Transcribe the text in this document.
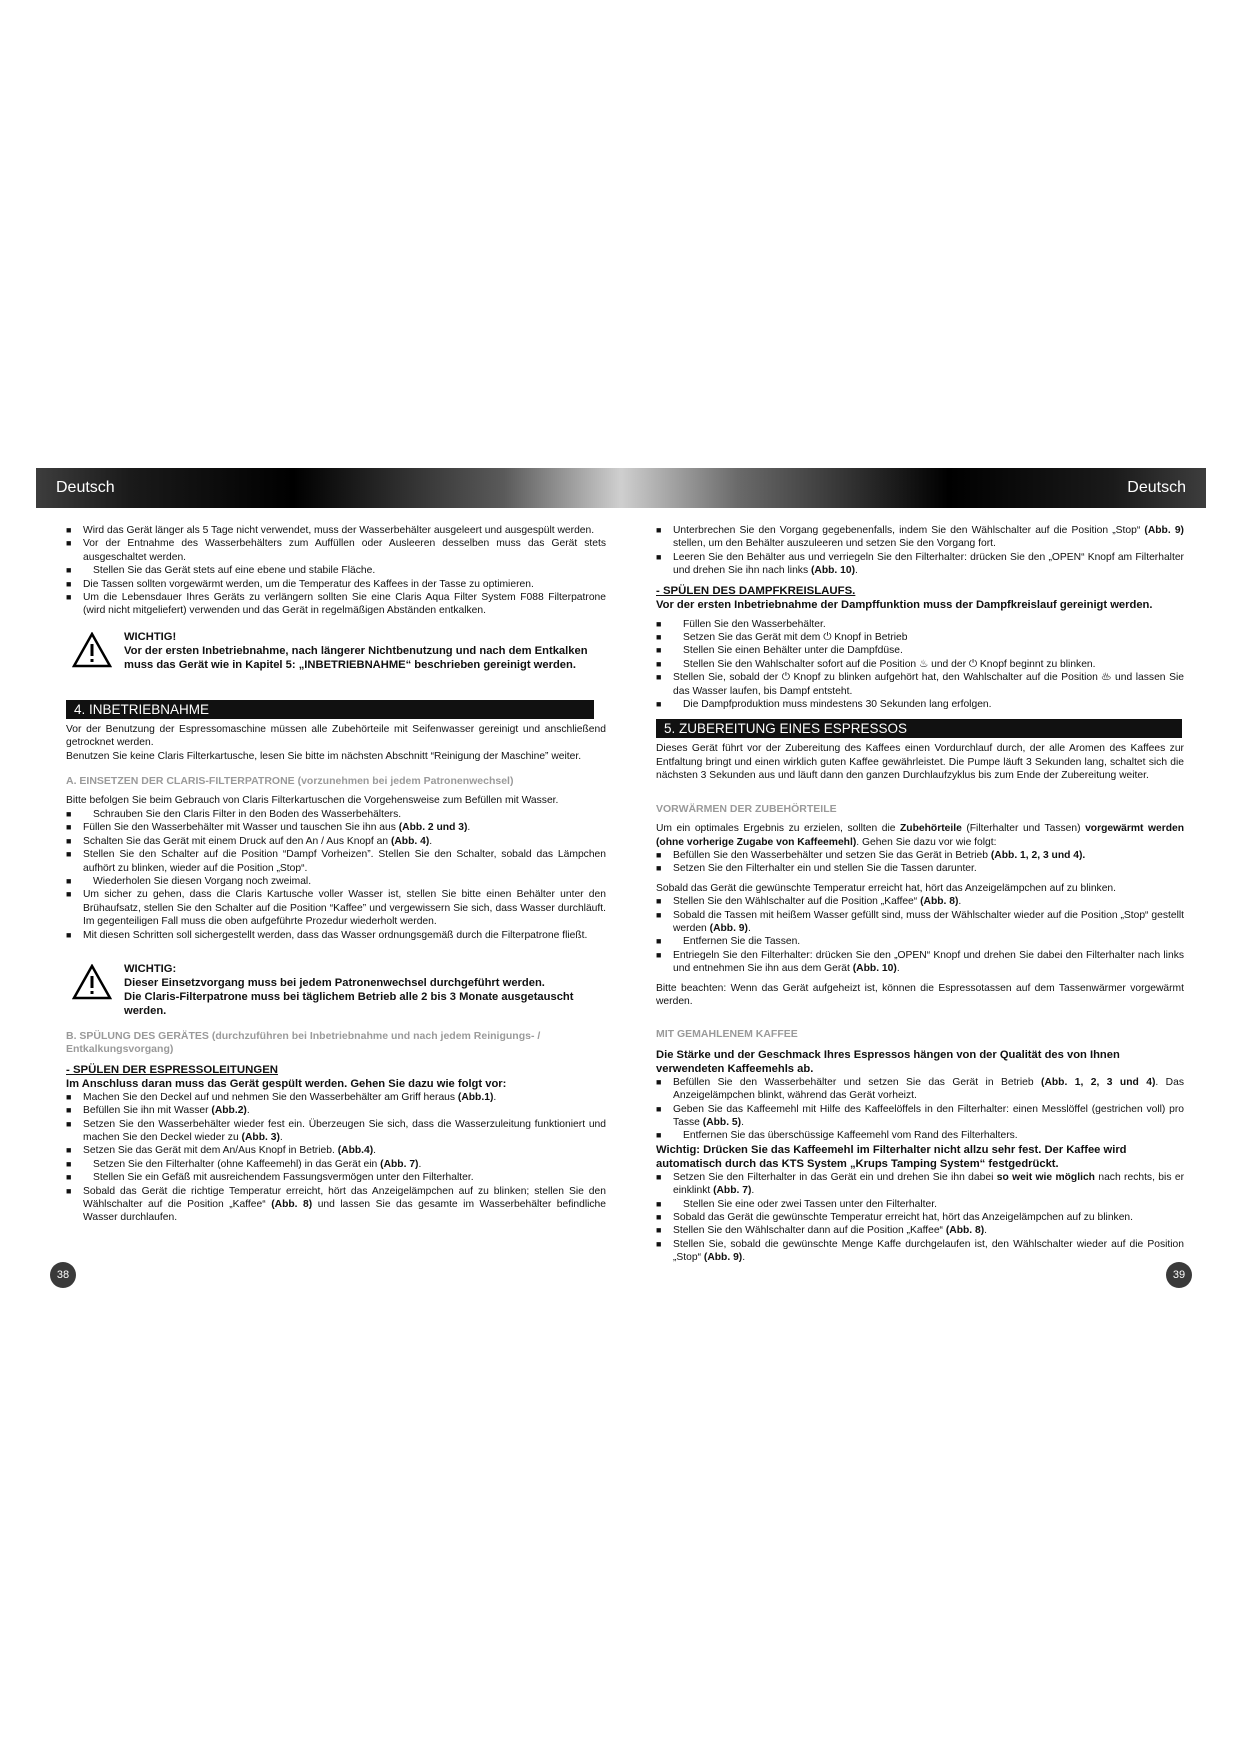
Deutsch	Deutsch
■ Wird das Gerät länger als 5 Tage nicht verwendet, muss der Wasserbehälter ausgeleert und ausgespült werden.
■ Vor der Entnahme des Wasserbehälters zum Auffüllen oder Ausleeren desselben muss das Gerät stets ausgeschaltet werden.
■ Stellen Sie das Gerät stets auf eine ebene und stabile Fläche.
■ Die Tassen sollten vorgewärmt werden, um die Temperatur des Kaffees in der Tasse zu optimieren.
■ Um die Lebensdauer Ihres Geräts zu verlängern sollten Sie eine Claris Aqua Filter System F088 Filterpatrone (wird nicht mitgeliefert) verwenden und das Gerät in regelmäßigen Abständen entkalken.
WICHTIG!
Vor der ersten Inbetriebnahme, nach längerer Nichtbenutzung und nach dem Entkalken muss das Gerät wie in Kapitel 5: „INBETRIEBNAHME“ beschrieben gereinigt werden.
4. INBETRIEBNAHME
Vor der Benutzung der Espressomaschine müssen alle Zubehörteile mit Seifenwasser gereinigt und anschließend getrocknet werden.
Benutzen Sie keine Claris Filterkartusche, lesen Sie bitte im nächsten Abschnitt “Reinigung der Maschine” weiter.
A. EINSETZEN DER CLARIS-FILTERPATRONE (vorzunehmen bei jedem Patronenwechsel)
Bitte befolgen Sie beim Gebrauch von Claris Filterkartuschen die Vorgehensweise zum Befüllen mit Wasser.
■ Schrauben Sie den Claris Filter in den Boden des Wasserbehälters.
■ Füllen Sie den Wasserbehälter mit Wasser und tauschen Sie ihn aus (Abb. 2 und 3).
■ Schalten Sie das Gerät mit einem Druck auf den An / Aus Knopf an (Abb. 4).
■ Stellen Sie den Schalter auf die Position “Dampf Vorheizen”. Stellen Sie den Schalter, sobald das Lämpchen aufhört zu blinken, wieder auf die Position „Stop“.
■ Wiederholen Sie diesen Vorgang noch zweimal.
■ Um sicher zu gehen, dass die Claris Kartusche voller Wasser ist, stellen Sie bitte einen Behälter unter den Brühaufsatz, stellen Sie den Schalter auf die Position “Kaffee” und vergewissern Sie sich, dass Wasser durchläuft. Im gegenteiligen Fall muss die oben aufgeführte Prozedur wiederholt werden.
■ Mit diesen Schritten soll sichergestellt werden, dass das Wasser ordnungsgemäß durch die Filterpatrone fließt.
WICHTIG:
Dieser Einsetzvorgang muss bei jedem Patronenwechsel durchgeführt werden.
Die Claris-Filterpatrone muss bei täglichem Betrieb alle 2 bis 3 Monate ausgetauscht werden.
B. SPÜLUNG DES GERÄTES (durchzuführen bei Inbetriebnahme und nach jedem Reinigungs- / Entkalkungsvorgang)
- SPÜLEN DER ESPRESSOLEITUNGEN
Im Anschluss daran muss das Gerät gespült werden. Gehen Sie dazu wie folgt vor:
■ Machen Sie den Deckel auf und nehmen Sie den Wasserbehälter am Griff heraus (Abb.1).
■ Befüllen Sie ihn mit Wasser (Abb.2).
■ Setzen Sie den Wasserbehälter wieder fest ein. Überzeugen Sie sich, dass die Wasserzuleitung funktioniert und machen Sie den Deckel wieder zu (Abb. 3).
■ Setzen Sie das Gerät mit dem An/Aus Knopf in Betrieb. (Abb.4).
■ Setzen Sie den Filterhalter (ohne Kaffeemehl) in das Gerät ein (Abb. 7).
■ Stellen Sie ein Gefäß mit ausreichendem Fassungsvermögen unter den Filterhalter.
■ Sobald das Gerät die richtige Temperatur erreicht, hört das Anzeigelämpchen auf zu blinken; stellen Sie den Wählschalter auf die Position „Kaffee“ (Abb. 8) und lassen Sie das gesamte im Wasserbehälter befindliche Wasser durchlaufen.
■ Unterbrechen Sie den Vorgang gegebenenfalls, indem Sie den Wählschalter auf die Position „Stop“ (Abb. 9) stellen, um den Behälter auszuleeren und setzen Sie den Vorgang fort.
■ Leeren Sie den Behälter aus und verriegeln Sie den Filterhalter: drücken Sie den „OPEN“ Knopf am Filterhalter und drehen Sie ihn nach links (Abb. 10).
- SPÜLEN DES DAMPFKREISLAUFS.
Vor der ersten Inbetriebnahme der Dampffunktion muss der Dampfkreislauf gereinigt werden.
■ Füllen Sie den Wasserbehälter.
■ Setzen Sie das Gerät mit dem ⏻ Knopf in Betrieb
■ Stellen Sie einen Behälter unter die Dampfdüse.
■ Stellen Sie den Wahlschalter sofort auf die Position ♨ und der ⏻ Knopf beginnt zu blinken.
■ Stellen Sie, sobald der ⏻ Knopf zu blinken aufgehört hat, den Wahlschalter auf die Position ♨ und lassen Sie das Wasser laufen, bis Dampf entsteht.
■ Die Dampfproduktion muss mindestens 30 Sekunden lang erfolgen.
5. ZUBEREITUNG EINES ESPRESSOS
Dieses Gerät führt vor der Zubereitung des Kaffees einen Vordurchlauf durch, der alle Aromen des Kaffees zur Entfaltung bringt und einen wirklich guten Kaffee gewährleistet. Die Pumpe läuft 3 Sekunden lang, schaltet sich die nächsten 3 Sekunden aus und läuft dann den ganzen Durchlaufzyklus bis zum Ende der Zubereitung weiter.
VORWÄRMEN DER ZUBEHÖRTEILE
Um ein optimales Ergebnis zu erzielen, sollten die Zubehörteile (Filterhalter und Tassen) vorgewärmt werden (ohne vorherige Zugabe von Kaffeemehl). Gehen Sie dazu vor wie folgt:
■ Befüllen Sie den Wasserbehälter und setzen Sie das Gerät in Betrieb (Abb. 1, 2, 3 und 4).
■ Setzen Sie den Filterhalter ein und stellen Sie die Tassen darunter.
Sobald das Gerät die gewünschte Temperatur erreicht hat, hört das Anzeigelämpchen auf zu blinken.
■ Stellen Sie den Wählschalter auf die Position „Kaffee“ (Abb. 8).
■ Sobald die Tassen mit heißem Wasser gefüllt sind, muss der Wählschalter wieder auf die Position „Stop“ gestellt werden (Abb. 9).
■ Entfernen Sie die Tassen.
■ Entriegeln Sie den Filterhalter: drücken Sie den „OPEN“ Knopf und drehen Sie dabei den Filterhalter nach links und entnehmen Sie ihn aus dem Gerät (Abb. 10).
Bitte beachten: Wenn das Gerät aufgeheizt ist, können die Espressotassen auf dem Tassenwärmer vorgewärmt werden.
MIT GEMAHLENEM KAFFEE
Die Stärke und der Geschmack Ihres Espressos hängen von der Qualität des von Ihnen verwendeten Kaffeemehls ab.
■ Befüllen Sie den Wasserbehälter und setzen Sie das Gerät in Betrieb (Abb. 1, 2, 3 und 4). Das Anzeigelämpchen blinkt, während das Gerät vorheizt.
■ Geben Sie das Kaffeemehl mit Hilfe des Kaffeelöffels in den Filterhalter: einen Messlöffel (gestrichen voll) pro Tasse (Abb. 5).
■ Entfernen Sie das überschüssige Kaffeemehl vom Rand des Filterhalters.
Wichtig: Drücken Sie das Kaffeemehl im Filterhalter nicht allzu sehr fest. Der Kaffee wird automatisch durch das KTS System „Krups Tamping System“ festgedrückt.
■ Setzen Sie den Filterhalter in das Gerät ein und drehen Sie ihn dabei so weit wie möglich nach rechts, bis er einklinkt (Abb. 7).
■ Stellen Sie eine oder zwei Tassen unter den Filterhalter.
■ Sobald das Gerät die gewünschte Temperatur erreicht hat, hört das Anzeigelämpchen auf zu blinken.
■ Stellen Sie den Wählschalter dann auf die Position „Kaffee“ (Abb. 8).
■ Stellen Sie, sobald die gewünschte Menge Kaffe durchgelaufen ist, den Wählschalter wieder auf die Position „Stop“ (Abb. 9).
38	39
